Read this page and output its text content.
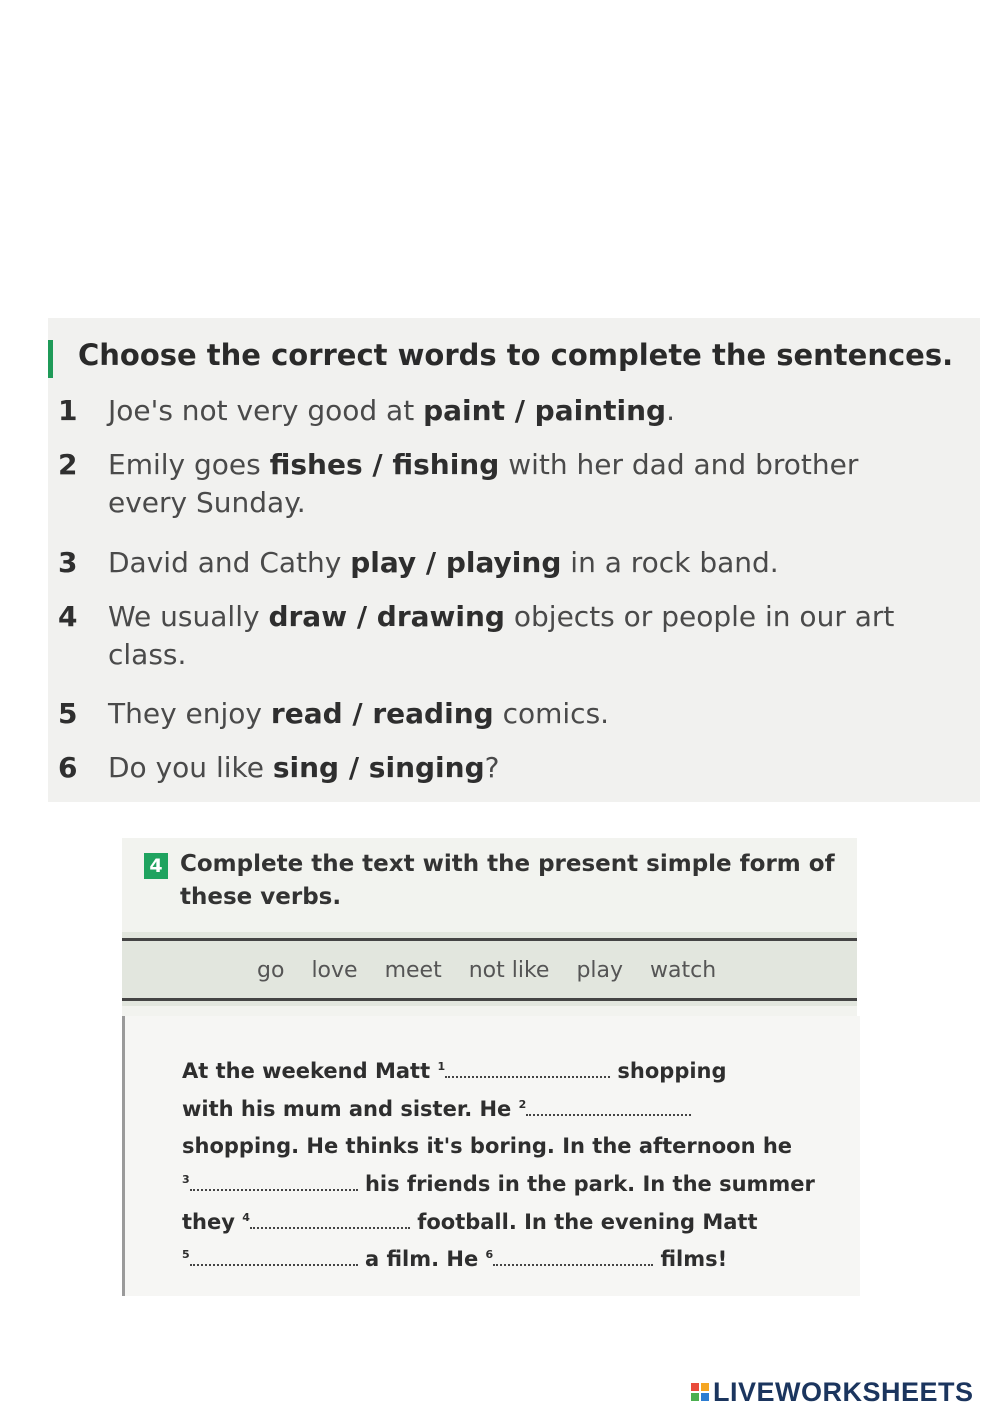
Choose the correct words to complete the sentences.
1 Joe's not very good at paint / painting.
2 Emily goes fishes / fishing with her dad and brother every Sunday.
3 David and Cathy play / playing in a rock band.
4 We usually draw / drawing objects or people in our art class.
5 They enjoy read / reading comics.
6 Do you like sing / singing?
4 Complete the text with the present simple form of these verbs.
go love meet not like play watch
At the weekend Matt $^1$	shopping
with his mum and sister. He $^2$
shopping. He thinks it's boring. In the afternoon he
$^3$	his friends in the park. In the summer
they $^4$	football. In the evening Matt
$^5$	a film. He $^6$	films!
LIVEWORKSHEETS
